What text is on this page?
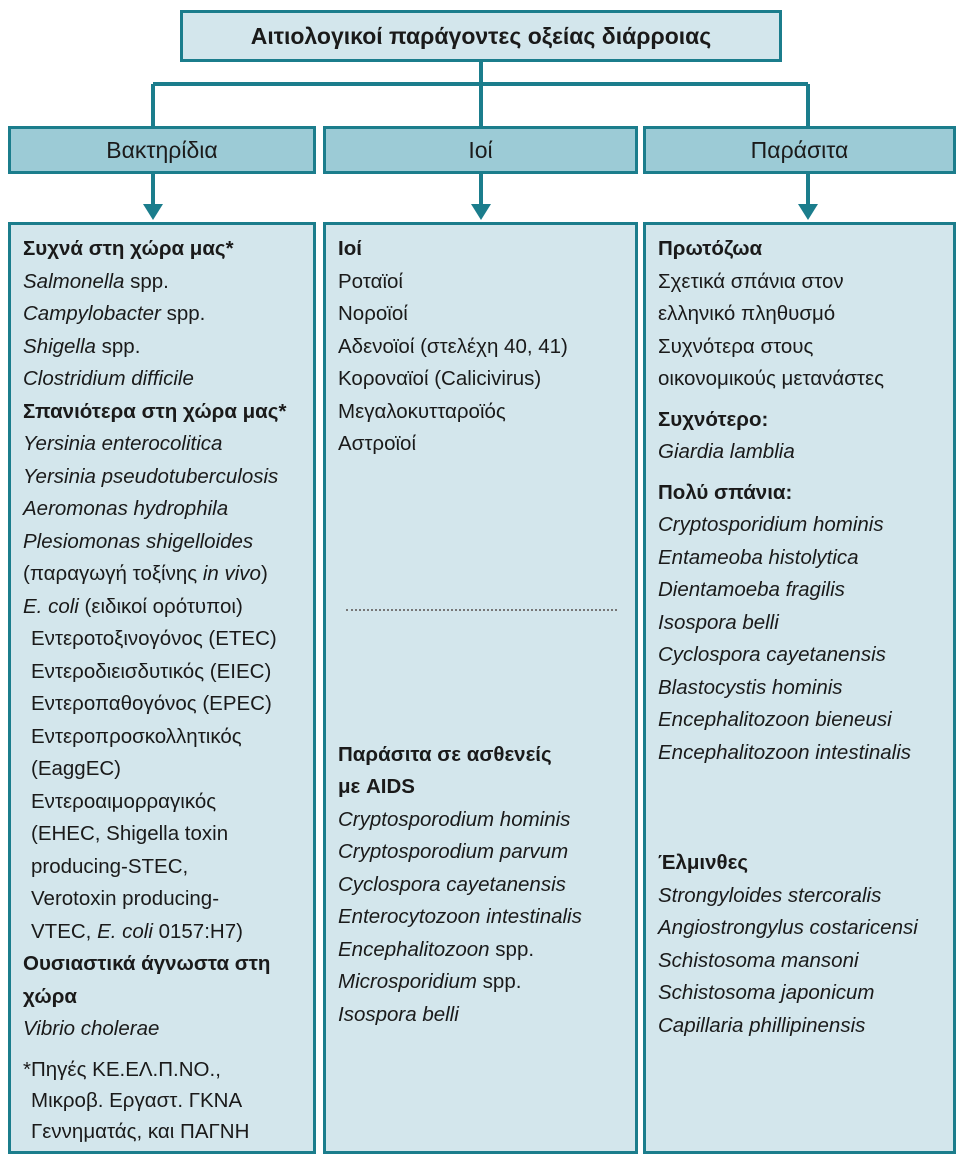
Αιτιολογικοί παράγοντες οξείας διάρροιας
Βακτηρίδια	Ιοί	Παράσιτα
Συχνά στη χώρα μας*
Salmonella spp.
Campylobacter spp.
Shigella spp.
Clostridium difficile
Σπανιότερα στη χώρα μας*
Yersinia enterocolitica
Yersinia pseudotuberculosis
Aeromonas hydrophila
Plesiomonas shigelloides
(παραγωγή τοξίνης in vivo)
E. coli (ειδικοί ορότυποι)
Εντεροτοξινογόνος (ETEC)
Εντεροδιεισδυτικός (EIEC)
Εντεροπαθογόνος (EPEC)
Εντεροπροσκολλητικός
(EaggEC)
Εντεροαιμορραγικός
(EHEC, Shigella toxin
producing-STEC,
Verotoxin producing-
VTEC, E. coli 0157:H7)
Ουσιαστικά άγνωστα στη
χώρα
Vibrio cholerae
*Πηγές ΚΕ.ΕΛ.Π.ΝΟ.,
Μικροβ. Εργαστ. ΓΚΝΑ
Γεννηματάς, και ΠΑΓΝΗ
Ιοί
Ροταϊοί
Νοροϊοί
Αδενοϊοί (στελέχη 40, 41)
Κοροναϊοί (Calicivirus)
Μεγαλοκυτταροϊός
Αστροϊοί
Παράσιτα σε ασθενείς
με AIDS
Cryptosporodium hominis
Cryptosporodium parvum
Cyclospora cayetanensis
Enterocytozoon intestinalis
Encephalitozoon spp.
Microsporidium spp.
Isospora belli
Πρωτόζωα
Σχετικά σπάνια στον
ελληνικό πληθυσμό
Συχνότερα στους
οικονομικούς μετανάστες
Συχνότερο:
Giardia lamblia
Πολύ σπάνια:
Cryptosporidium hominis
Entameoba histolytica
Dientamoeba fragilis
Isospora belli
Cyclospora cayetanensis
Blastocystis hominis
Encephalitozoon bieneusi
Encephalitozoon intestinalis
Έλμινθες
Strongyloides stercoralis
Angiostrongylus costaricensi
Schistosoma mansoni
Schistosoma japonicum
Capillaria phillipinensis
